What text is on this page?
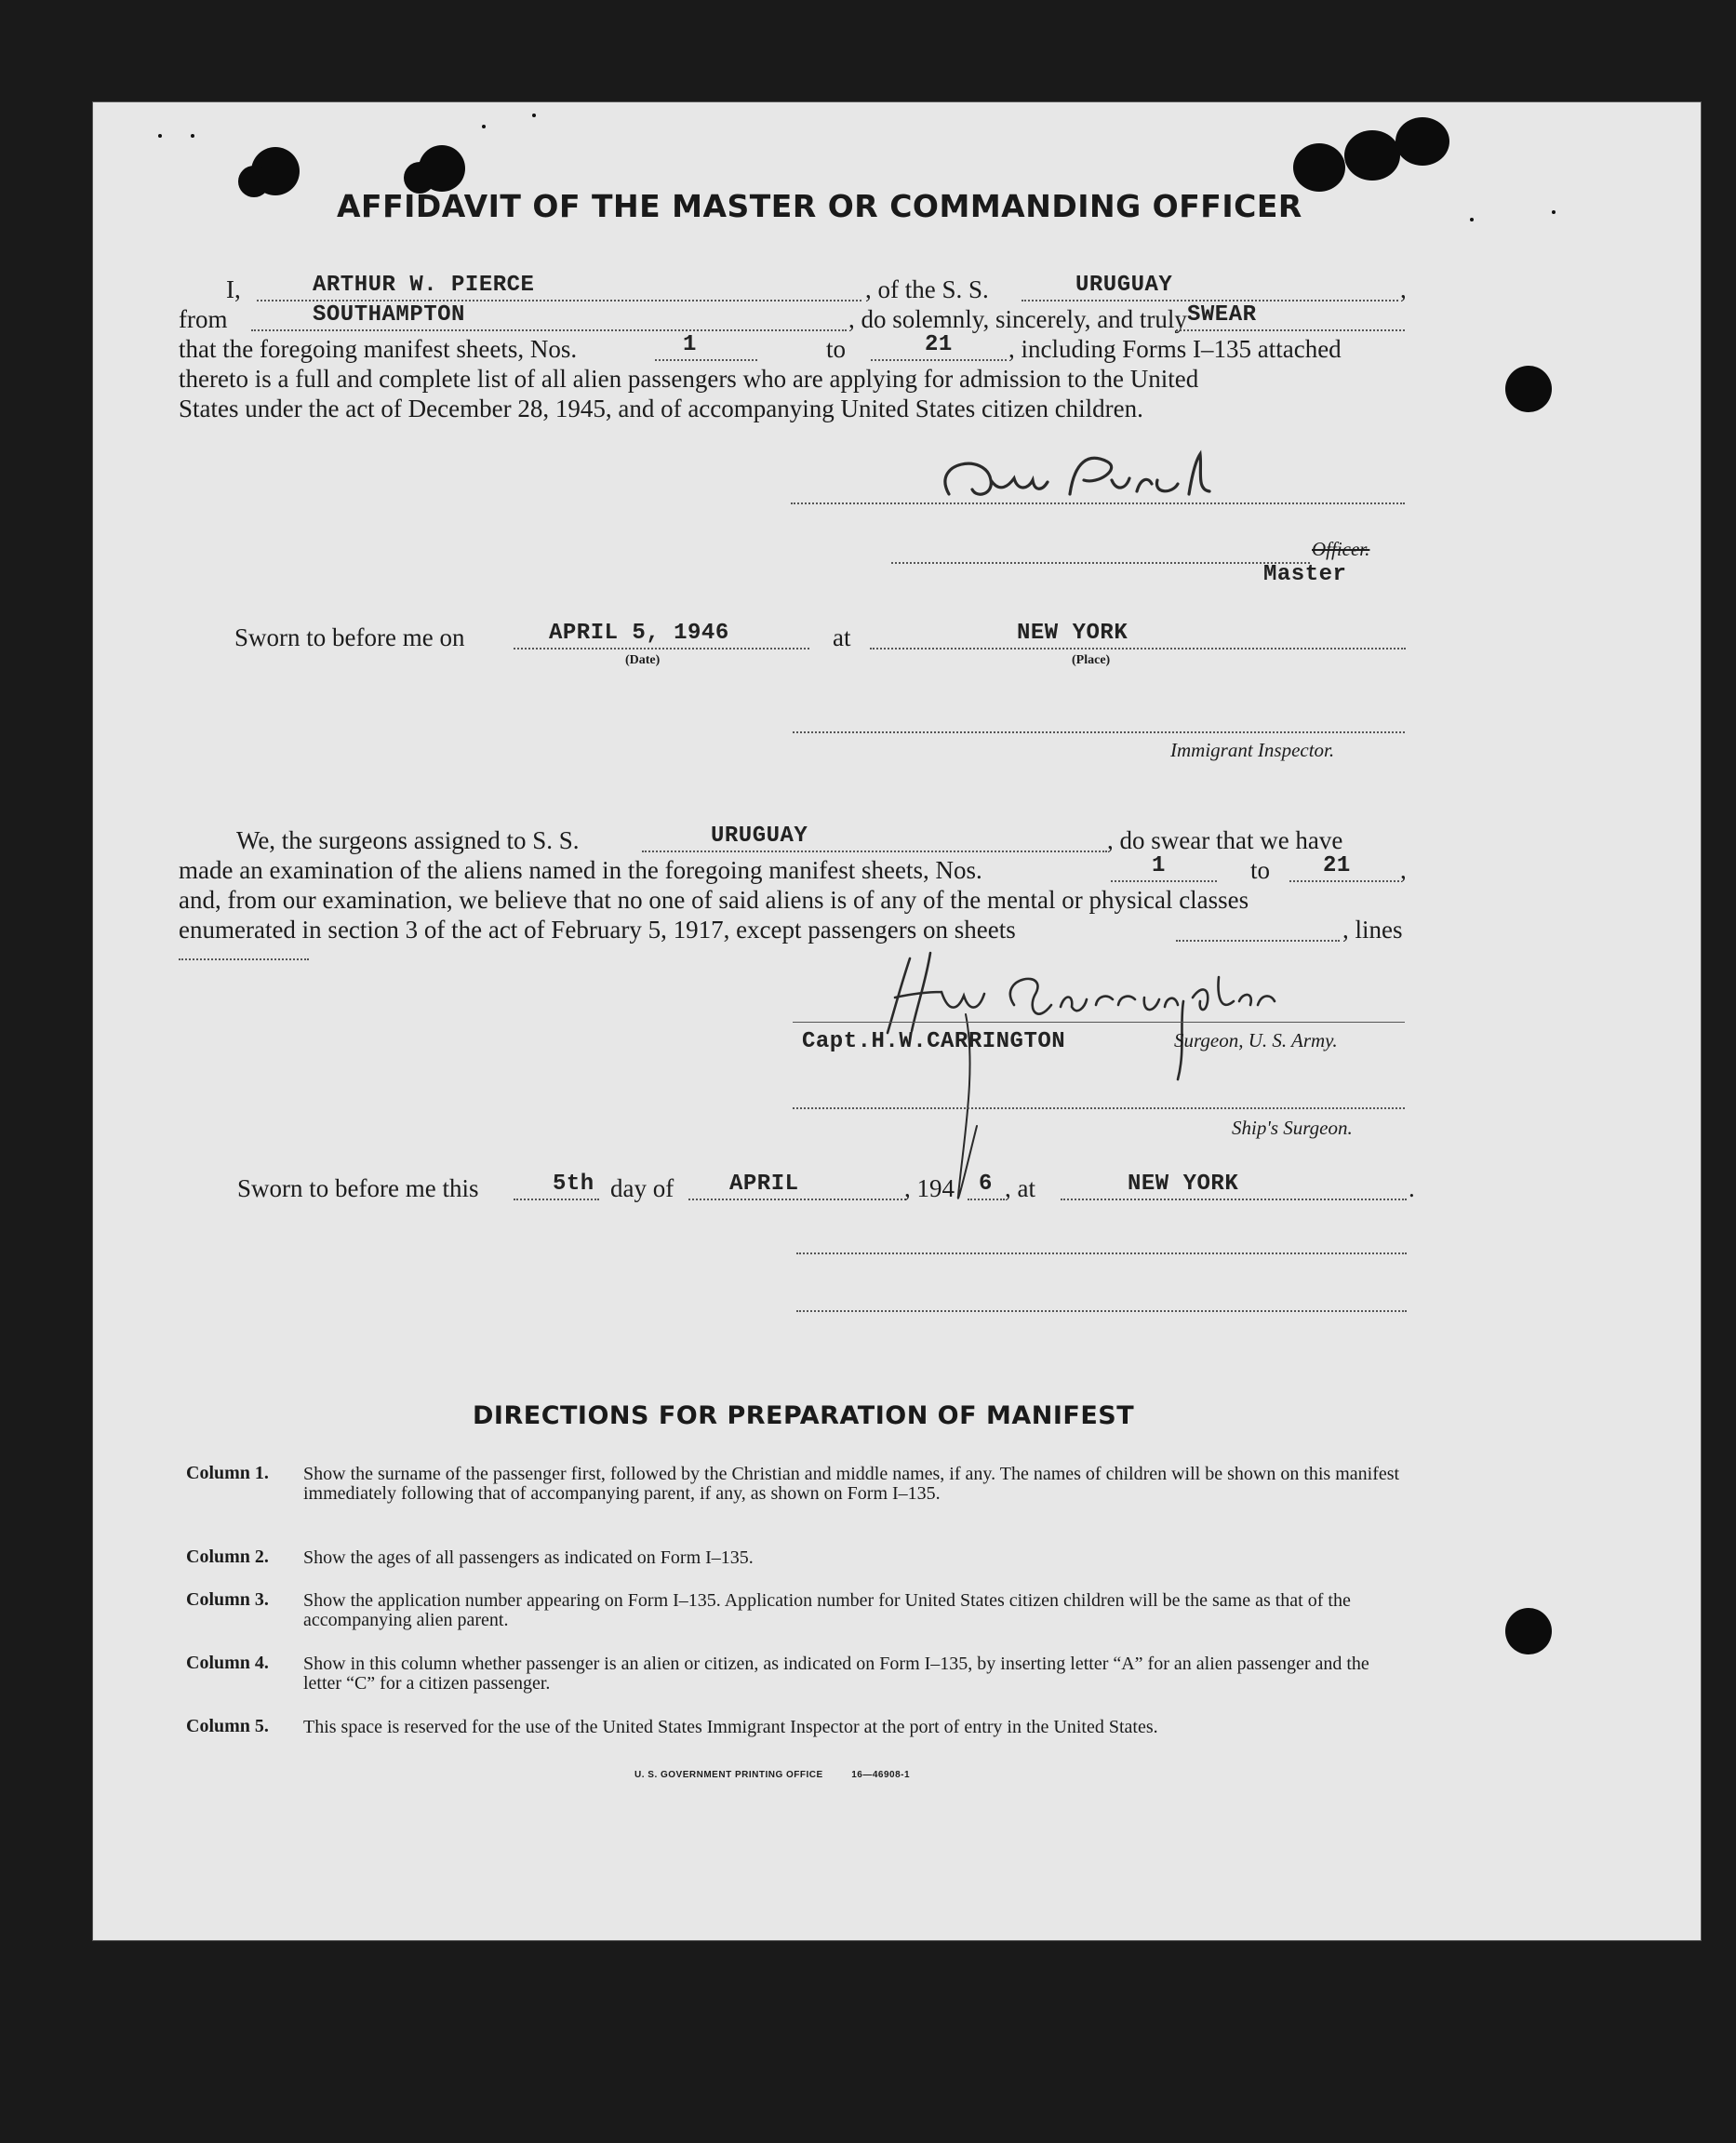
AFFIDAVIT OF THE MASTER OR COMMANDING OFFICER
I,	ARTHUR W. PIERCE	, of the S. S.	URUGUAY	,
from	SOUTHAMPTON	, do solemnly, sincerely, and truly SWEAR
that the foregoing manifest sheets, Nos.	1	to	21 , including Forms I–135 attached
thereto is a full and complete list of all alien passengers who are applying for admission to the United
States under the act of December 28, 1945, and of accompanying United States citizen children.
Officer.
Master
Sworn to before me on	APRIL 5, 1946
(Date)
at	NEW YORK
(Place)
Immigrant Inspector.
We, the surgeons assigned to S. S.	URUGUAY	, do swear that we have
made an examination of the aliens named in the foregoing manifest sheets, Nos.	1	to 21 ,
and, from our examination, we believe that no one of said aliens is of any of the mental or physical classes
enumerated in section 3 of the act of February 5, 1917, except passengers on sheets	, lines
Capt.H.W.CARRINGTON	Surgeon, U. S. Army.
Ship's Surgeon.
Sworn to before me this	5th day of APRIL	, 194 6 , at	NEW YORK	.
DIRECTIONS FOR PREPARATION OF MANIFEST
Column 1. Show the surname of the passenger first, followed by the Christian and middle names, if any. The names of children will be shown on this manifest immediately following that of accompanying parent, if any, as shown on Form I–135.
Column 2. Show the ages of all passengers as indicated on Form I–135.
Column 3. Show the application number appearing on Form I–135. Application number for United States citizen children will be the same as that of the accompanying alien parent.
Column 4. Show in this column whether passenger is an alien or citizen, as indicated on Form I–135, by inserting letter “A” for an alien passenger and the letter “C” for a citizen passenger.
Column 5. This space is reserved for the use of the United States Immigrant Inspector at the port of entry in the United States.
U. S. GOVERNMENT PRINTING OFFICE	16—46908-1
